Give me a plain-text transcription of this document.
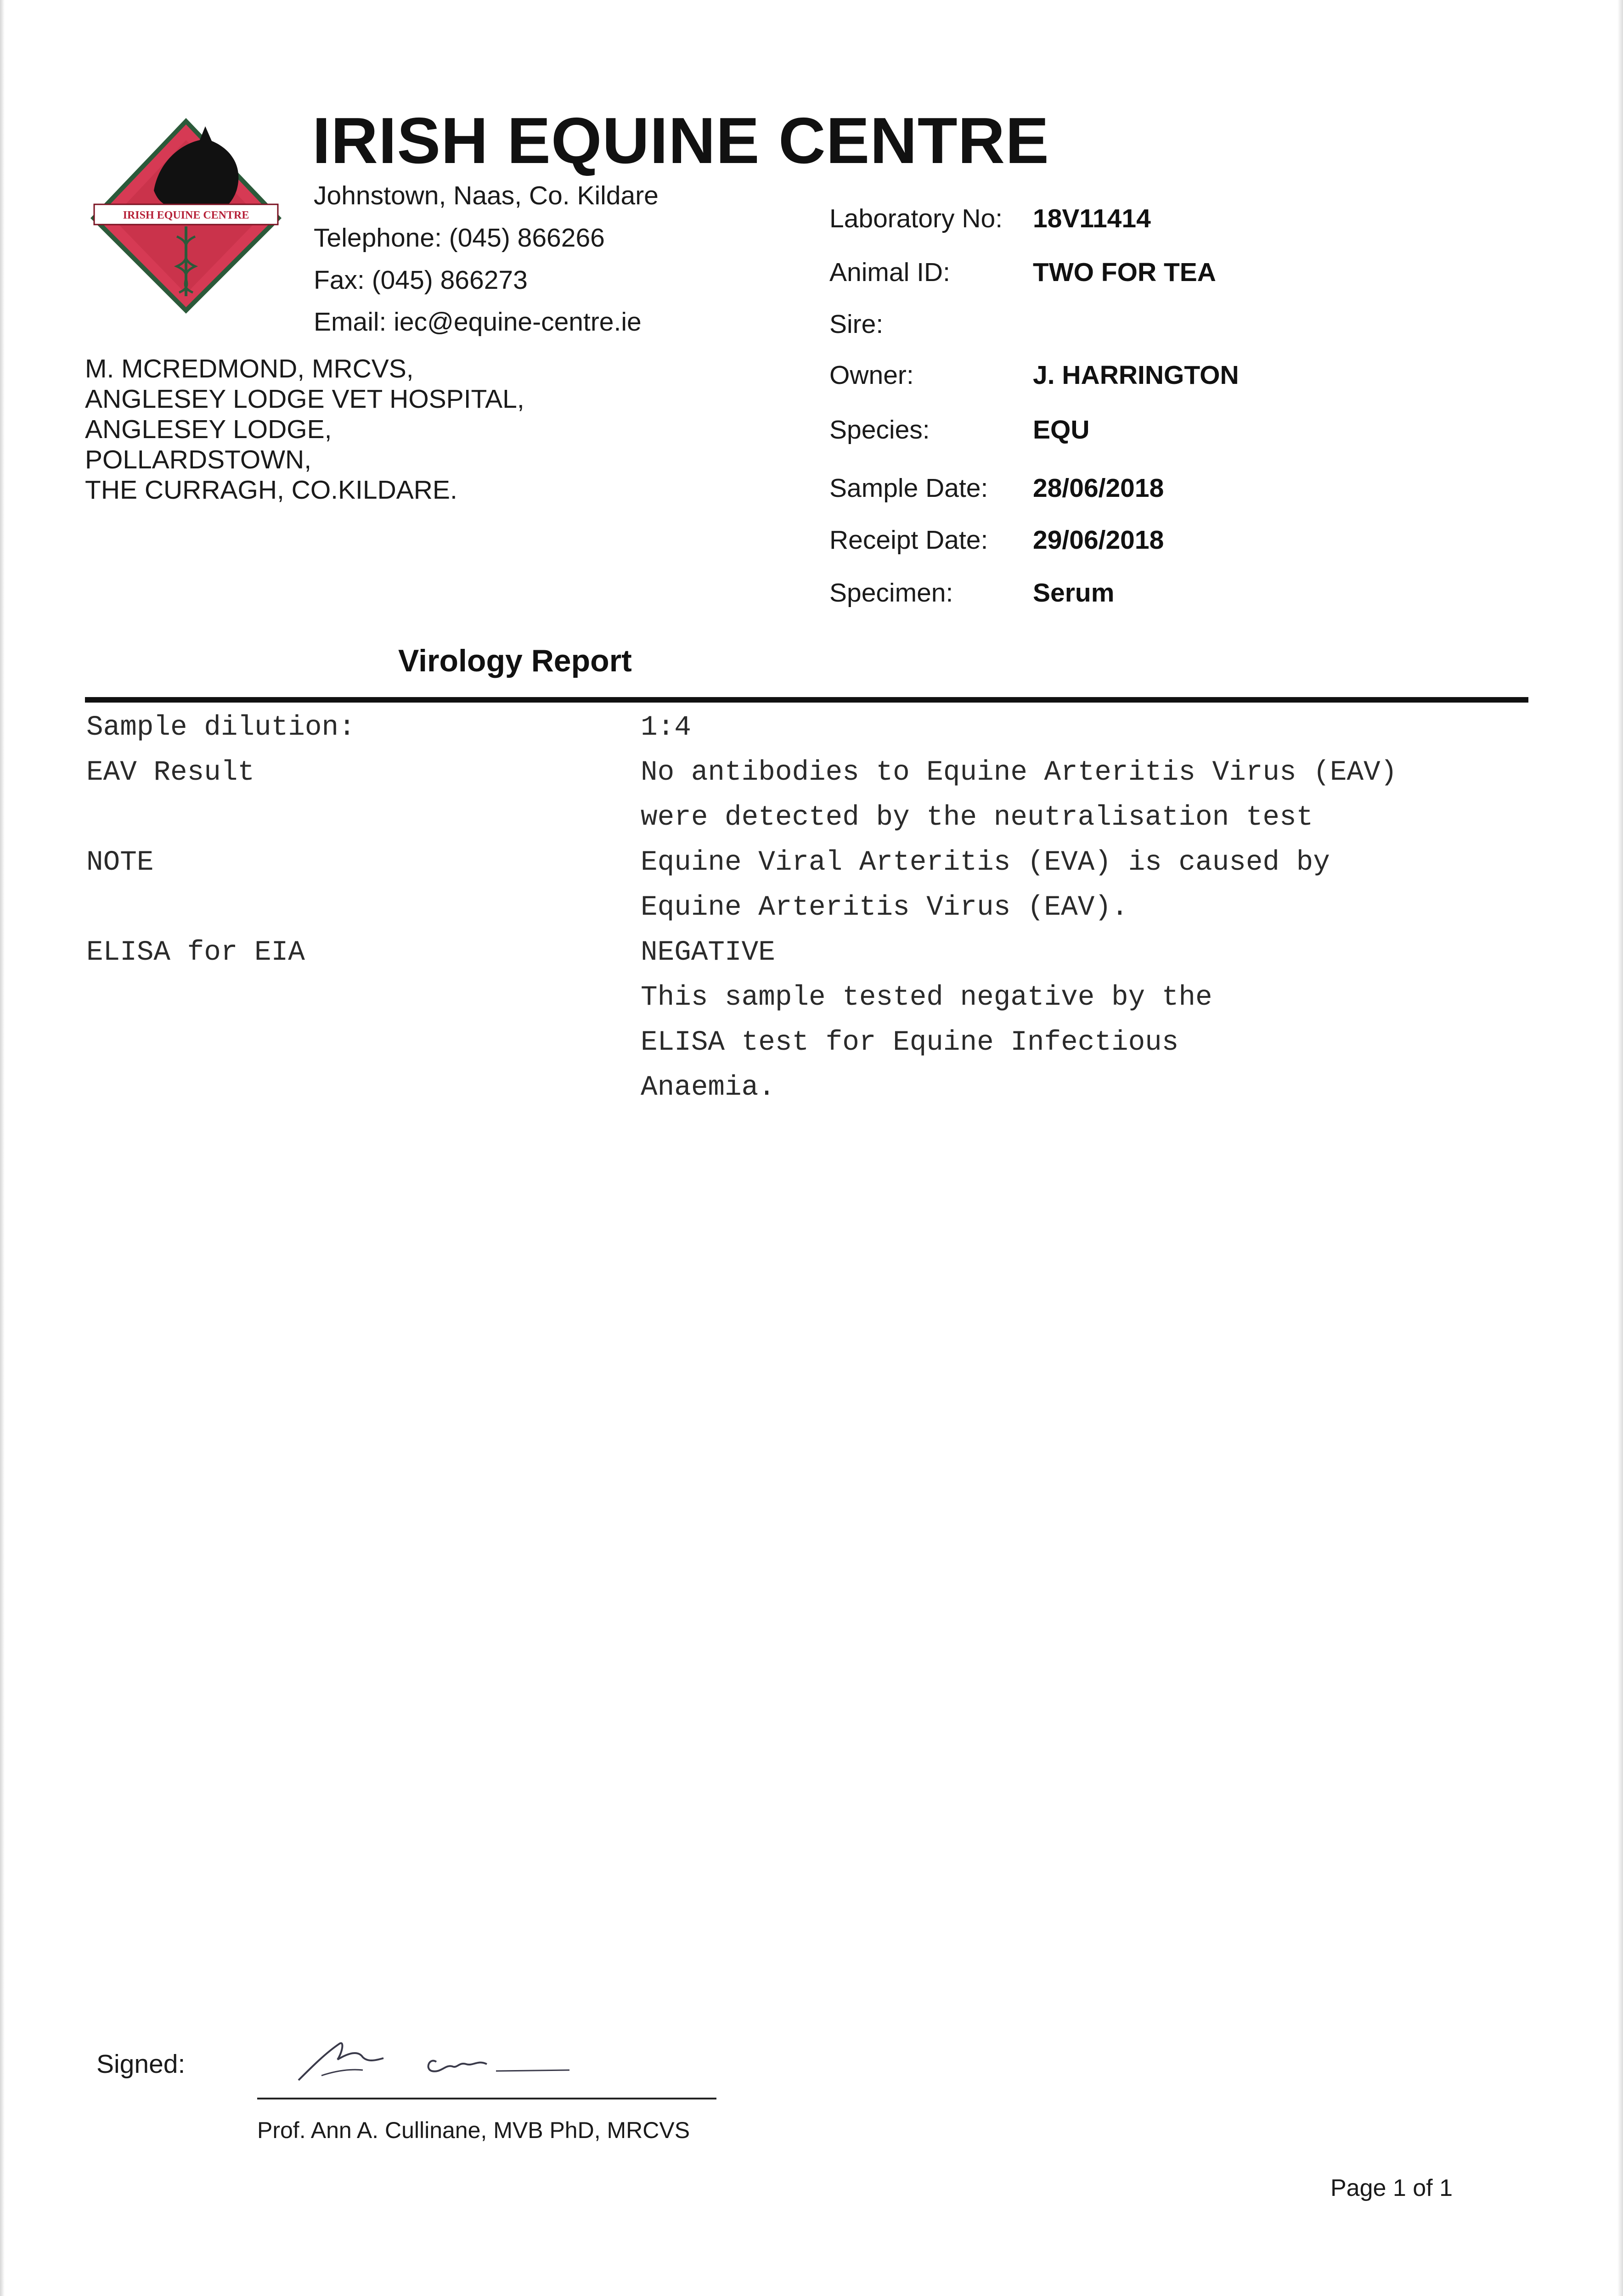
IRISH EQUINE CENTRE
IRISH EQUINE CENTRE
Johnstown, Naas, Co. Kildare
Telephone: (045) 866266
Fax: (045) 866273
Email: iec@equine-centre.ie
M. MCREDMOND, MRCVS,
ANGLESEY LODGE VET HOSPITAL,
ANGLESEY LODGE,
POLLARDSTOWN,
THE CURRAGH, CO.KILDARE.
Laboratory No: 18V11414
Animal ID:	TWO FOR TEA
Sire:
Owner:	J. HARRINGTON
Species:	EQU
Sample Date: 28/06/2018
Receipt Date: 29/06/2018
Specimen:	Serum
Virology Report
Sample dilution:	1:4
EAV Result	No antibodies to Equine Arteritis Virus (EAV)
were detected by the neutralisation test
NOTE	Equine Viral Arteritis (EVA) is caused by
Equine Arteritis Virus (EAV).
ELISA for EIA	NEGATIVE
This sample tested negative by the
ELISA test for Equine Infectious
Anaemia.
Signed:
Prof. Ann A. Cullinane, MVB PhD, MRCVS
Page 1 of 1
